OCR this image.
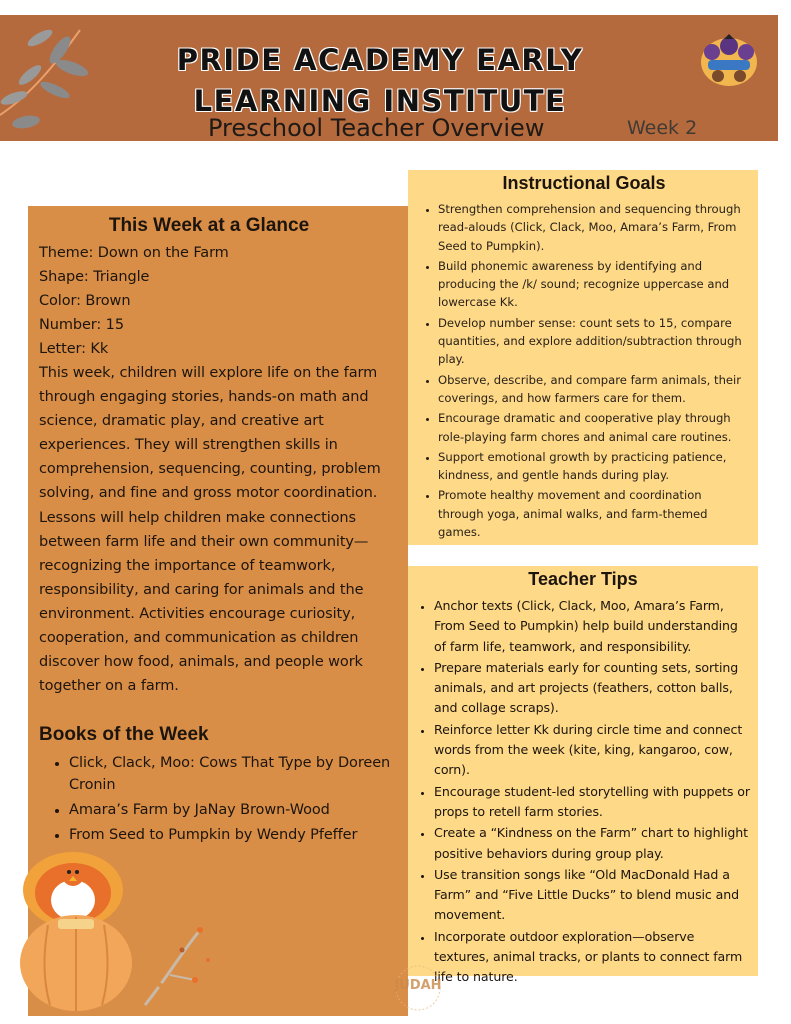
PRIDE ACADEMY EARLY LEARNING INSTITUTE
Preschool Teacher Overview	Week 2
This Week at a Glance
Theme: Down on the Farm
Shape: Triangle
Color: Brown
Number: 15
Letter: Kk

This week, children will explore life on the farm through engaging stories, hands-on math and science, dramatic play, and creative art experiences. They will strengthen skills in comprehension, sequencing, counting, problem solving, and fine and gross motor coordination. Lessons will help children make connections between farm life and their own community—recognizing the importance of teamwork, responsibility, and caring for animals and the environment. Activities encourage curiosity, cooperation, and communication as children discover how food, animals, and people work together on a farm.

Books of the Week
• Click, Clack, Moo: Cows That Type by Doreen Cronin
• Amara’s Farm by JaNay Brown-Wood
• From Seed to Pumpkin by Wendy Pfeffer
Instructional Goals
• Strengthen comprehension and sequencing through read-alouds (Click, Clack, Moo, Amara’s Farm, From Seed to Pumpkin).
• Build phonemic awareness by identifying and producing the /k/ sound; recognize uppercase and lowercase Kk.
• Develop number sense: count sets to 15, compare quantities, and explore addition/subtraction through play.
• Observe, describe, and compare farm animals, their coverings, and how farmers care for them.
• Encourage dramatic and cooperative play through role-playing farm chores and animal care routines.
• Support emotional growth by practicing patience, kindness, and gentle hands during play.
• Promote healthy movement and coordination through yoga, animal walks, and farm-themed games.
Teacher Tips
• Anchor texts (Click, Clack, Moo, Amara’s Farm, From Seed to Pumpkin) help build understanding of farm life, teamwork, and responsibility.
• Prepare materials early for counting sets, sorting animals, and art projects (feathers, cotton balls, and collage scraps).
• Reinforce letter Kk during circle time and connect words from the week (kite, king, kangaroo, cow, corn).
• Encourage student-led storytelling with puppets or props to retell farm stories.
• Create a “Kindness on the Farm” chart to highlight positive behaviors during group play.
• Use transition songs like “Old MacDonald Had a Farm” and “Five Little Ducks” to blend music and movement.
• Incorporate outdoor exploration—observe textures, animal tracks, or plants to connect farm life to nature.
JUDAH
